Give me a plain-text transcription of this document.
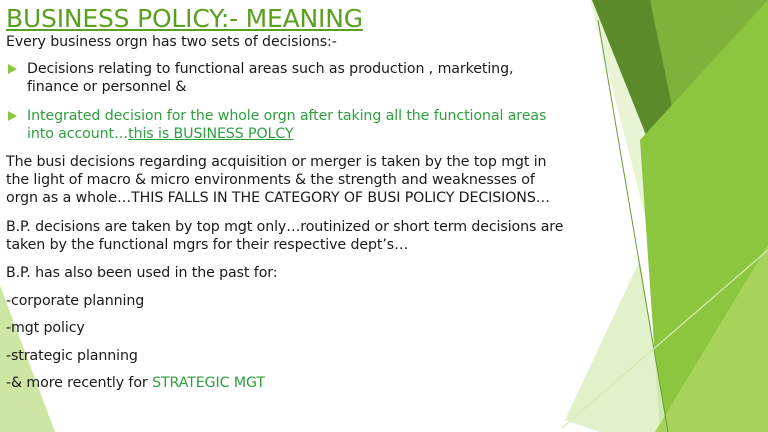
BUSINESS POLICY:- MEANING
Every business orgn has two sets of decisions:-
Decisions relating to functional areas such as production , marketing,
finance or personnel &
Integrated decision for the whole orgn after taking all the functional areas
into account…this is BUSINESS POLCY
The busi decisions regarding acquisition or merger is taken by the top mgt in
the light of macro & micro environments & the strength and weaknesses of
orgn as a whole…THIS FALLS IN THE CATEGORY OF BUSI POLICY DECISIONS…
B.P. decisions are taken by top mgt only…routinized or short term decisions are
taken by the functional mgrs for their respective dept’s…
B.P. has also been used in the past for:
-corporate planning
-mgt policy
-strategic planning
-& more recently for STRATEGIC MGT
